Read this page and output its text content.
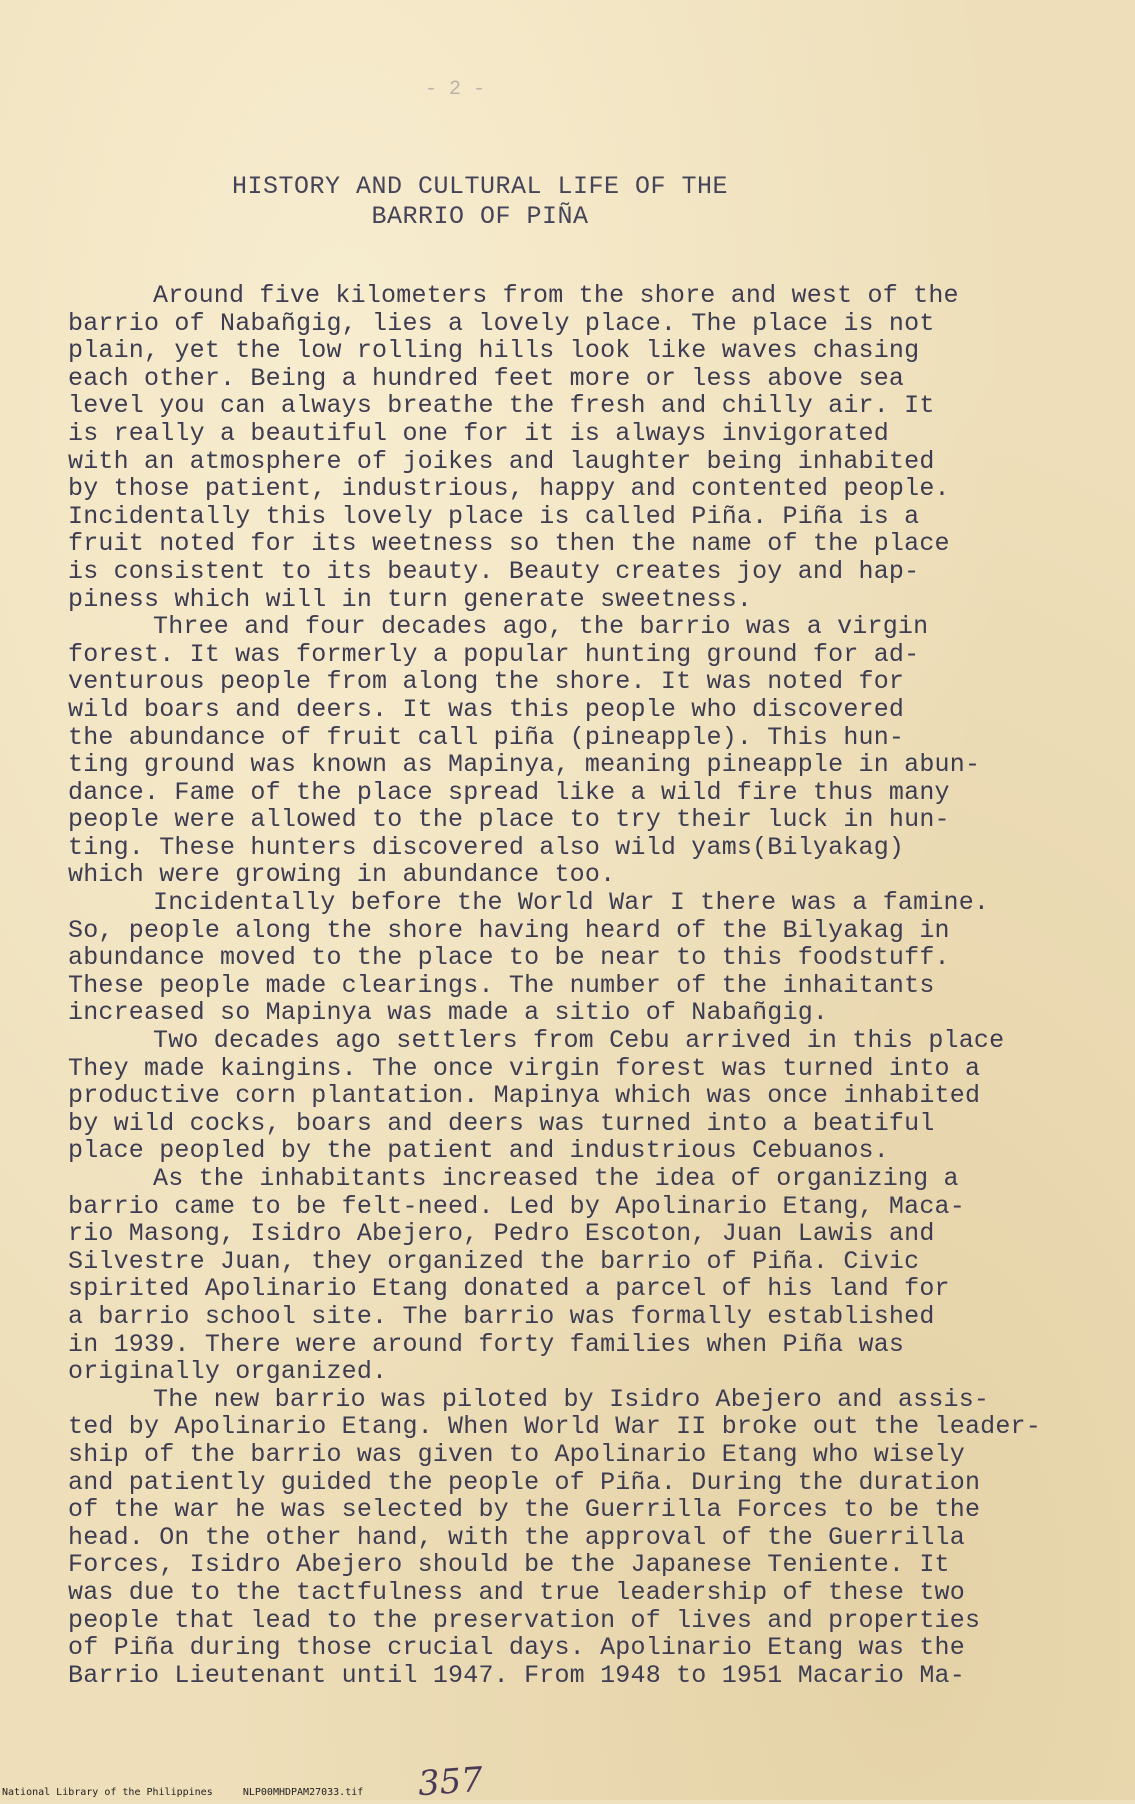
- 2 -
HISTORY AND CULTURAL LIFE OF THE
BARRIO OF PIÑA
Around five kilometers from the shore and west of the
barrio of Nabañgig, lies a lovely place. The place is not
plain, yet the low rolling hills look like waves chasing
each other. Being a hundred feet more or less above sea
level you can always breathe the fresh and chilly air. It
is really a beautiful one for it is always invigorated
with an atmosphere of joikes and laughter being inhabited
by those patient, industrious, happy and contented people.
Incidentally this lovely place is called Piña. Piña is a
fruit noted for its weetness so then the name of the place
is consistent to its beauty. Beauty creates joy and hap-
piness which will in turn generate sweetness.
Three and four decades ago, the barrio was a virgin
forest. It was formerly a popular hunting ground for ad-
venturous people from along the shore. It was noted for
wild boars and deers. It was this people who discovered
the abundance of fruit call piña (pineapple). This hun-
ting ground was known as Mapinya, meaning pineapple in abun-
dance. Fame of the place spread like a wild fire thus many
people were allowed to the place to try their luck in hun-
ting. These hunters discovered also wild yams(Bilyakag)
which were growing in abundance too.
Incidentally before the World War I there was a famine.
So, people along the shore having heard of the Bilyakag in
abundance moved to the place to be near to this foodstuff.
These people made clearings. The number of the inhaitants
increased so Mapinya was made a sitio of Nabañgig.
Two decades ago settlers from Cebu arrived in this place
They made kaingins. The once virgin forest was turned into a
productive corn plantation. Mapinya which was once inhabited
by wild cocks, boars and deers was turned into a beatiful
place peopled by the patient and industrious Cebuanos.
As the inhabitants increased the idea of organizing a
barrio came to be felt-need. Led by Apolinario Etang, Maca-
rio Masong, Isidro Abejero, Pedro Escoton, Juan Lawis and
Silvestre Juan, they organized the barrio of Piña. Civic
spirited Apolinario Etang donated a parcel of his land for
a barrio school site. The barrio was formally established
in 1939. There were around forty families when Piña was
originally organized.
The new barrio was piloted by Isidro Abejero and assis-
ted by Apolinario Etang. When World War II broke out the leader-
ship of the barrio was given to Apolinario Etang who wisely
and patiently guided the people of Piña. During the duration
of the war he was selected by the Guerrilla Forces to be the
head. On the other hand, with the approval of the Guerrilla
Forces, Isidro Abejero should be the Japanese Teniente. It
was due to the tactfulness and true leadership of these two
people that lead to the preservation of lives and properties
of Piña during those crucial days. Apolinario Etang was the
Barrio Lieutenant until 1947. From 1948 to 1951 Macario Ma-
357
National Library of the Philippines	NLP00MHDPAM27033.tif
